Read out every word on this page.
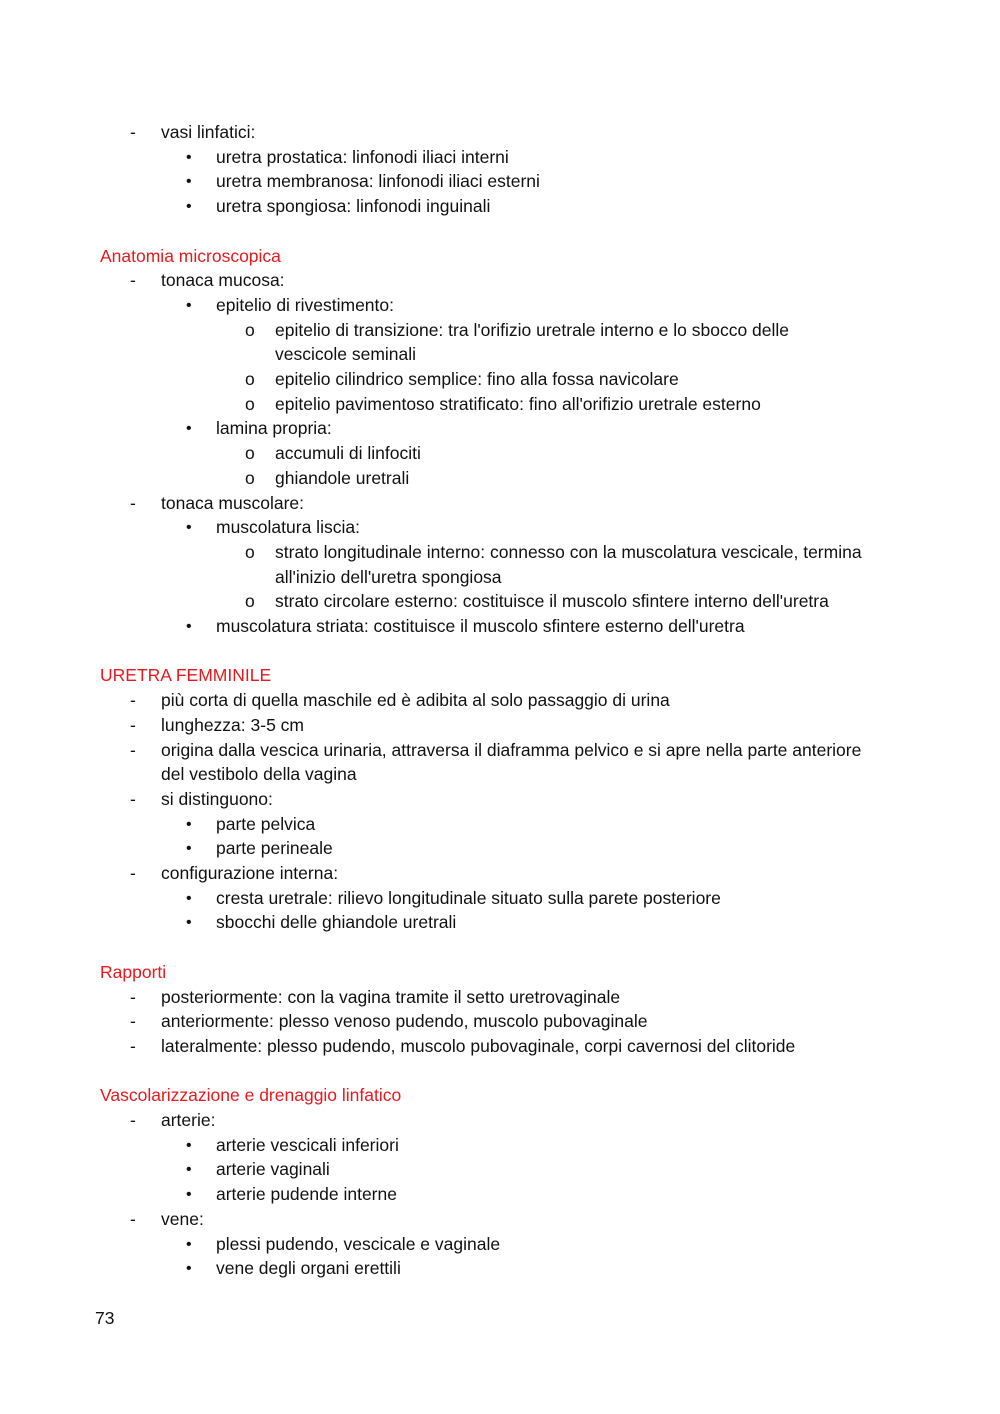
- vasi linfatici:
• uretra prostatica: linfonodi iliaci interni
• uretra membranosa: linfonodi iliaci esterni
• uretra spongiosa: linfonodi inguinali
Anatomia microscopica
- tonaca mucosa:
• epitelio di rivestimento:
o epitelio di transizione: tra l'orifizio uretrale interno e lo sbocco delle
vescicole seminali
o epitelio cilindrico semplice: fino alla fossa navicolare
o epitelio pavimentoso stratificato: fino all'orifizio uretrale esterno
• lamina propria:
o accumuli di linfociti
o ghiandole uretrali
- tonaca muscolare:
• muscolatura liscia:
o strato longitudinale interno: connesso con la muscolatura vescicale, termina
all'inizio dell'uretra spongiosa
o strato circolare esterno: costituisce il muscolo sfintere interno dell'uretra
• muscolatura striata: costituisce il muscolo sfintere esterno dell'uretra
URETRA FEMMINILE
- più corta di quella maschile ed è adibita al solo passaggio di urina
- lunghezza: 3-5 cm
- origina dalla vescica urinaria, attraversa il diaframma pelvico e si apre nella parte anteriore
del vestibolo della vagina
- si distinguono:
• parte pelvica
• parte perineale
- configurazione interna:
• cresta uretrale: rilievo longitudinale situato sulla parete posteriore
• sbocchi delle ghiandole uretrali
Rapporti
- posteriormente: con la vagina tramite il setto uretrovaginale
- anteriormente: plesso venoso pudendo, muscolo pubovaginale
- lateralmente: plesso pudendo, muscolo pubovaginale, corpi cavernosi del clitoride
Vascolarizzazione e drenaggio linfatico
- arterie:
• arterie vescicali inferiori
• arterie vaginali
• arterie pudende interne
- vene:
• plessi pudendo, vescicale e vaginale
• vene degli organi erettili
73
